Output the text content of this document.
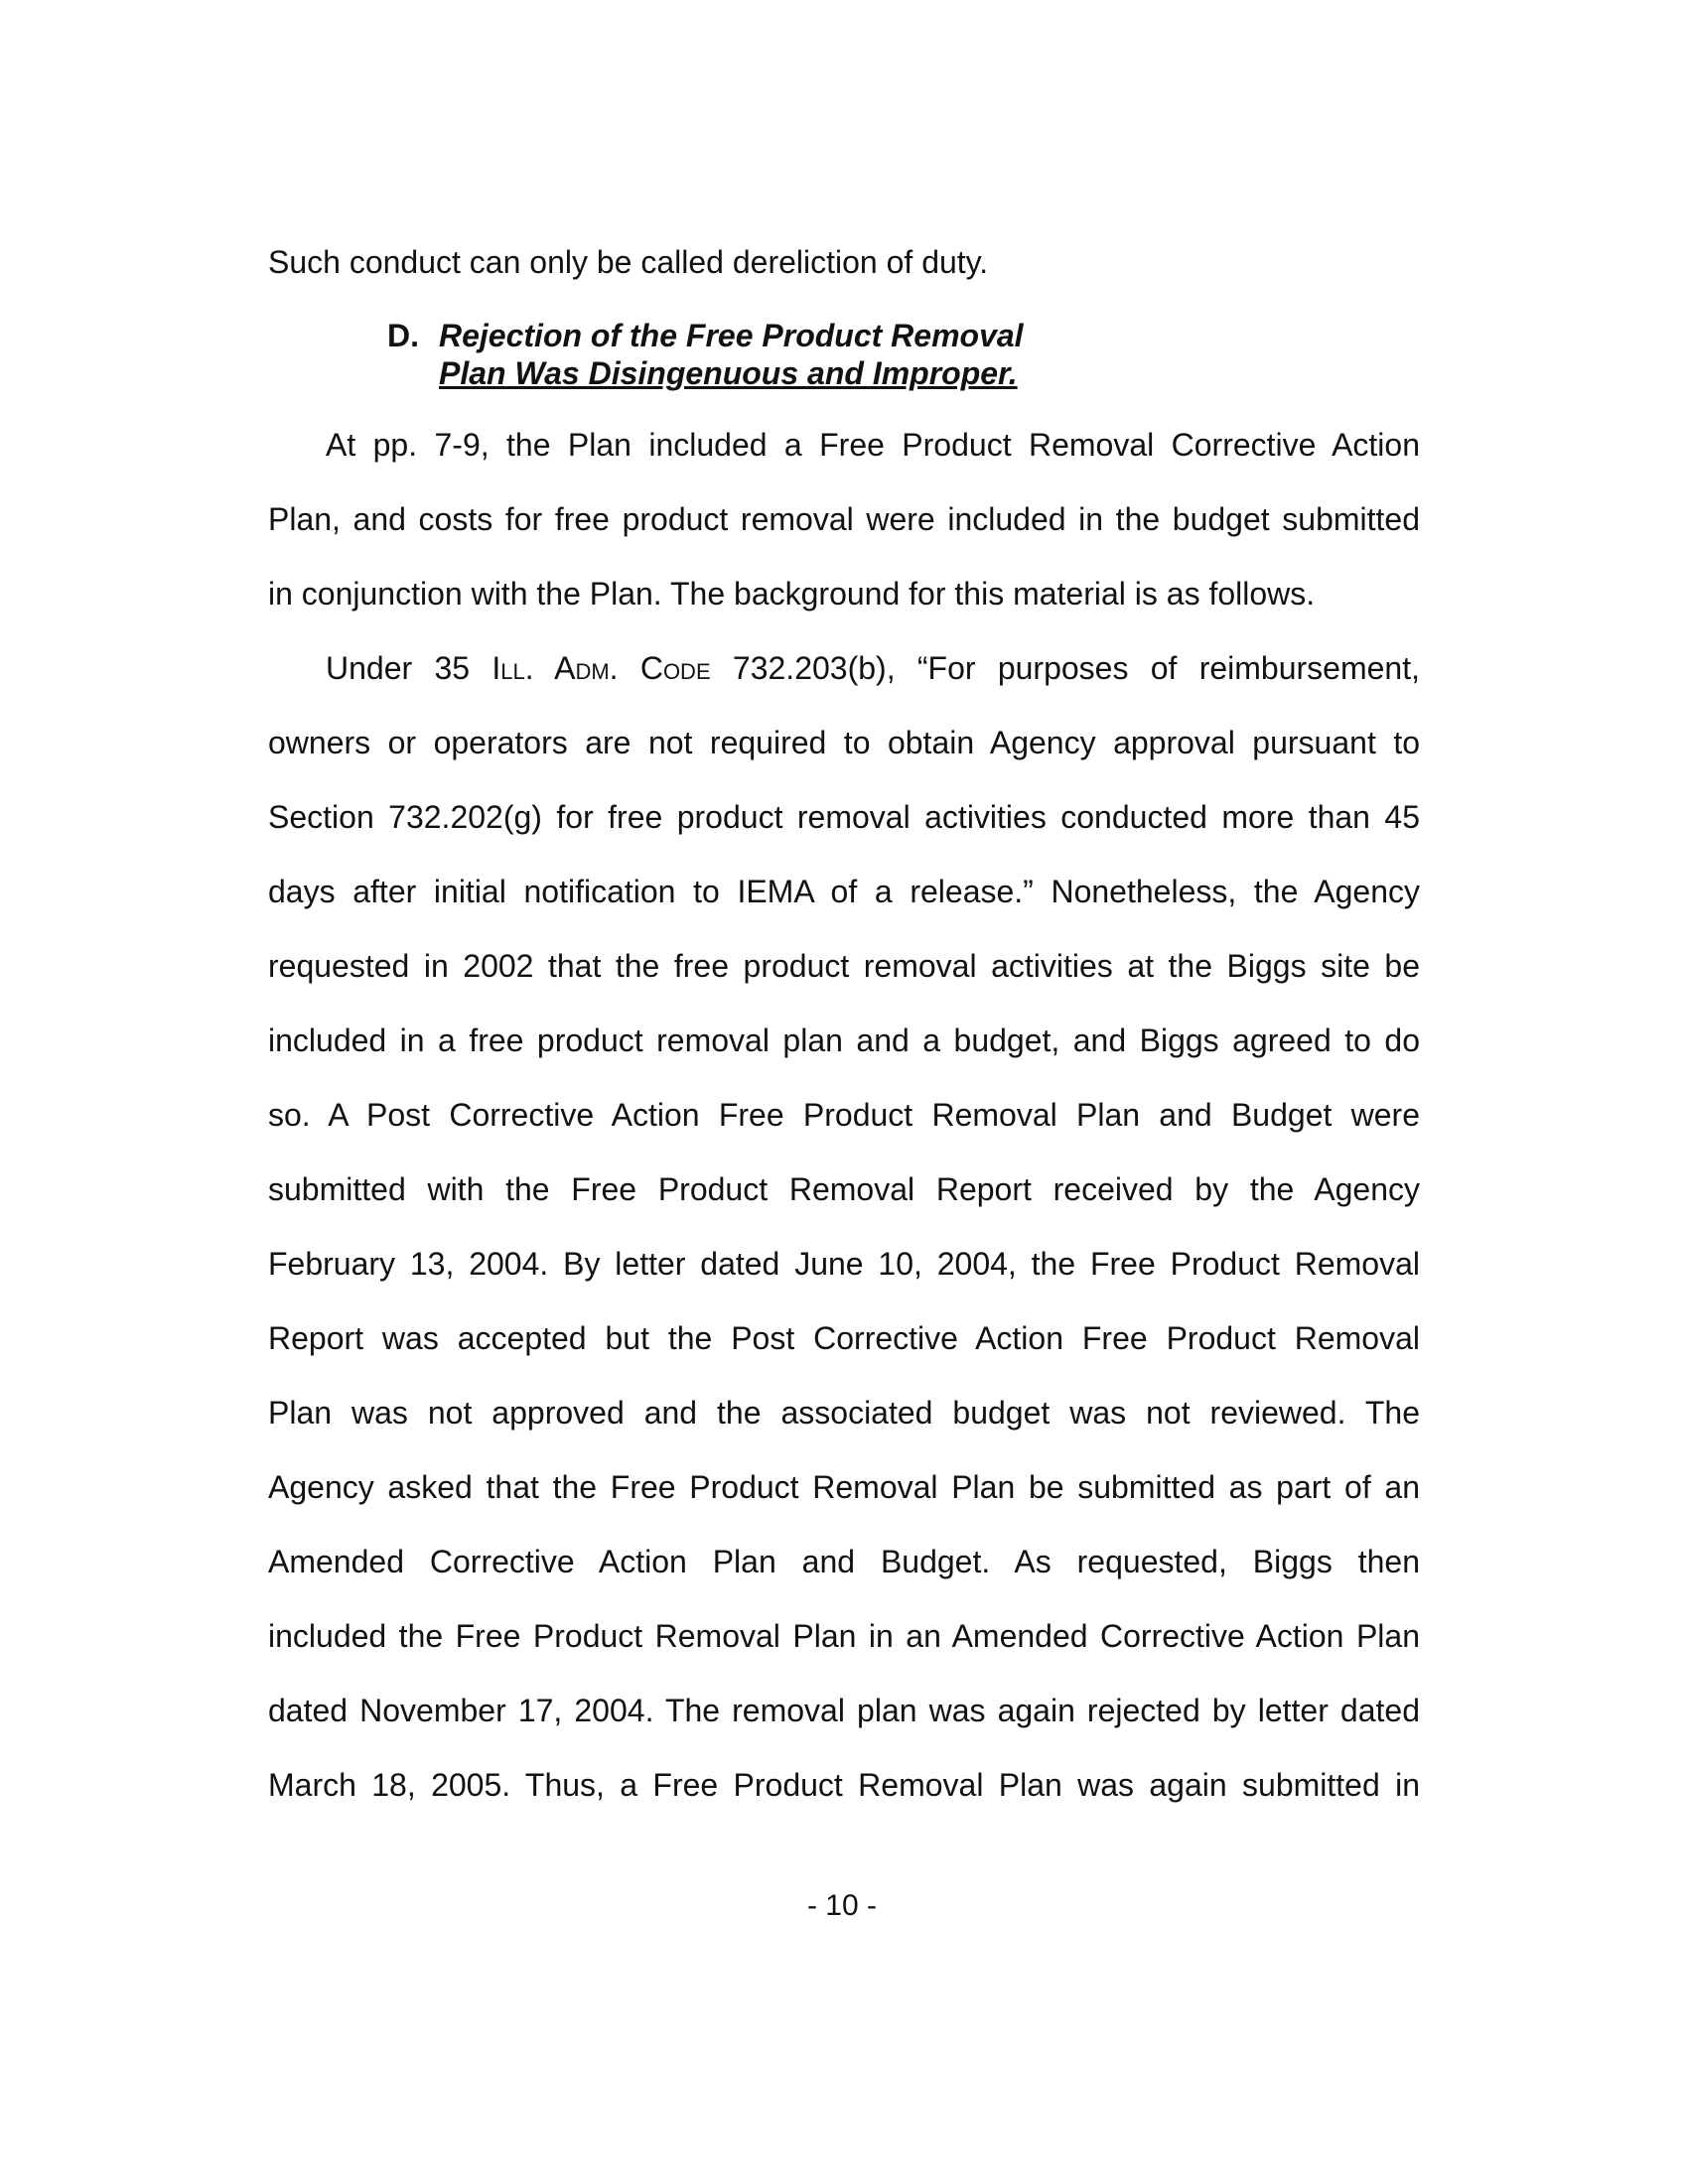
Such conduct can only be called dereliction of duty.
D. Rejection of the Free Product Removal
Plan Was Disingenuous and Improper.
At pp. 7-9, the Plan included a Free Product Removal Corrective Action
Plan, and costs for free product removal were included in the budget submitted
in conjunction with the Plan. The background for this material is as follows.
Under 35 Ill. Adm. Code 732.203(b), “For purposes of reimbursement,
owners or operators are not required to obtain Agency approval pursuant to
Section 732.202(g) for free product removal activities conducted more than 45
days after initial notification to IEMA of a release.” Nonetheless, the Agency
requested in 2002 that the free product removal activities at the Biggs site be
included in a free product removal plan and a budget, and Biggs agreed to do
so. A Post Corrective Action Free Product Removal Plan and Budget were
submitted with the Free Product Removal Report received by the Agency
February 13, 2004. By letter dated June 10, 2004, the Free Product Removal
Report was accepted but the Post Corrective Action Free Product Removal
Plan was not approved and the associated budget was not reviewed. The
Agency asked that the Free Product Removal Plan be submitted as part of an
Amended Corrective Action Plan and Budget. As requested, Biggs then
included the Free Product Removal Plan in an Amended Corrective Action Plan
dated November 17, 2004. The removal plan was again rejected by letter dated
March 18, 2005. Thus, a Free Product Removal Plan was again submitted in
- 10 -
